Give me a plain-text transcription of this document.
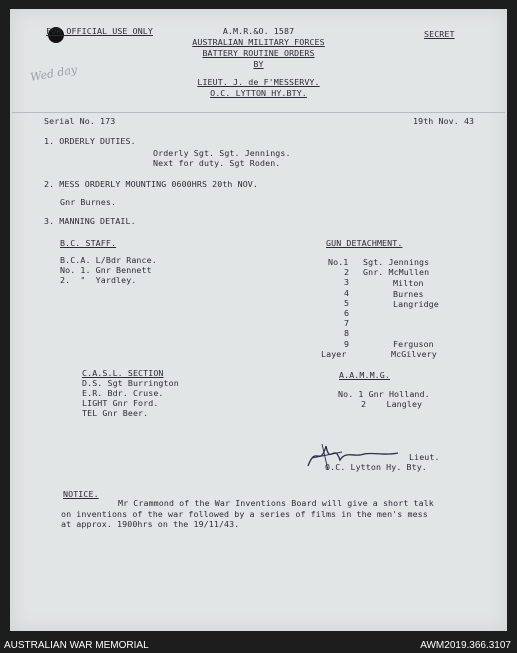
FOR OFFICIAL USE ONLY	SECRET
A.M.R.&O. 1587
AUSTRALIAN MILITARY FORCES
BATTERY ROUTINE ORDERS
BY
LIEUT. J. de F'MESSERVY.
O.C. LYTTON HY.BTY.
Wed day
Serial No. 173	19th Nov. 43
1. ORDERLY DUTIES.
Orderly Sgt. Sgt. Jennings.
Next for duty. Sgt Roden.
2. MESS ORDERLY MOUNTING 0600HRS 20th NOV.
Gnr Burnes.
3. MANNING DETAIL.
B.C. STAFF.
B.C.A. L/Bdr Rance.
No. 1. Gnr Bennett
2.  "  Yardley.
GUN DETACHMENT.
No.1 Sgt. Jennings
2 Gnr. McMullen
3	Milton
4	Burnes
5	Langridge
6
7
8
9	Ferguson
Layer	McGilvery
C.A.S.L. SECTION
D.S. Sgt Burrington
E.R. Bdr. Cruse.
LIGHT Gnr Ford.
TEL Gnr Beer.
A.A.M.M.G.
No. 1 Gnr Holland.
2    Langley
Lieut.
O.C. Lytton Hy. Bty.
NOTICE.
Mr Crammond of the War Inventions Board will give a short talk
on inventions of the war followed by a series of films in the men's mess
at approx. 1900hrs on the 19/11/43.
AUSTRALIAN WAR MEMORIAL	AWM2019.366.3107
